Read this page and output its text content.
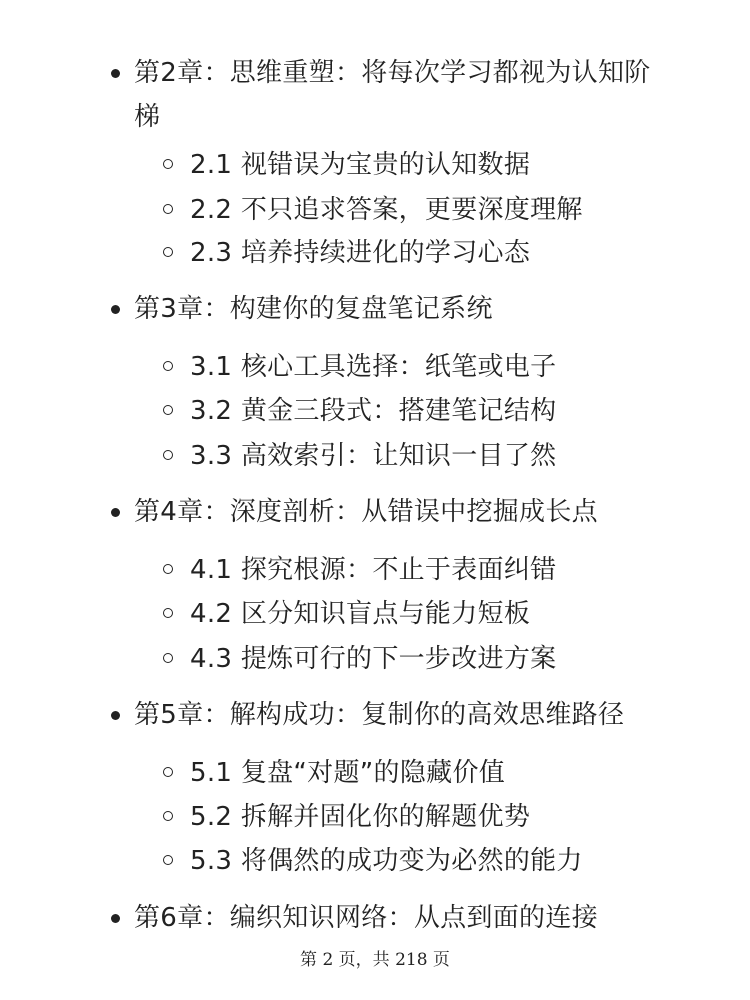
第2章：思维重塑：将每次学习都视为认知阶梯
2.1 视错误为宝贵的认知数据
2.2 不只追求答案，更要深度理解
2.3 培养持续进化的学习心态
第3章：构建你的复盘笔记系统
3.1 核心工具选择：纸笔或电子
3.2 黄金三段式：搭建笔记结构
3.3 高效索引：让知识一目了然
第4章：深度剖析：从错误中挖掘成长点
4.1 探究根源：不止于表面纠错
4.2 区分知识盲点与能力短板
4.3 提炼可行的下一步改进方案
第5章：解构成功：复制你的高效思维路径
5.1 复盘“对题”的隐藏价值
5.2 拆解并固化你的解题优势
5.3 将偶然的成功变为必然的能力
第6章：编织知识网络：从点到面的连接
第 2 页，共 218 页
